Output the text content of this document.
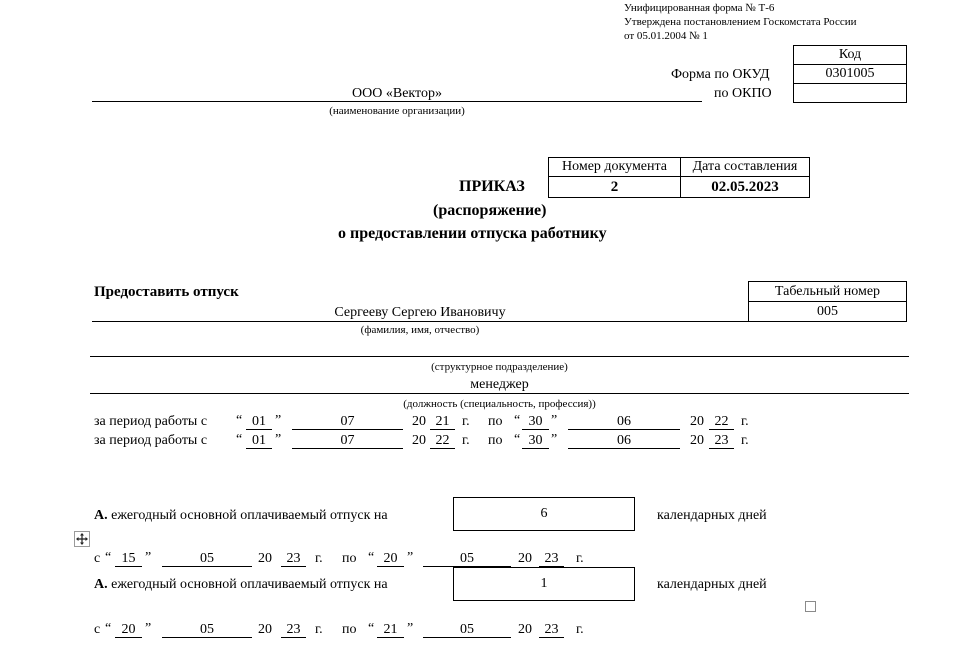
Унифицированная форма № Т-6
Утверждена постановлением Госкомстата России
от 05.01.2004 № 1
Код
Форма по ОКУД	0301005
по ОКПО
ООО «Вектор»
(наименование организации)
Номер документа	Дата составления
2	02.05.2023
ПРИКАЗ
(распоряжение)
о предоставлении отпуска работнику
Предоставить отпуск	Табельный номер
005
Сергееву Сергею Ивановичу
(фамилия, имя, отчество)
(структурное подразделение)
менеджер
(должность (специальность, профессия))
за период работы с “ 01 ”	07	20 21 г. по “ 30 ”	06	20 22 г.
за период работы с “ 01 ”	07	20 22 г. по “ 30 ”	06	20 23 г.
А. ежегодный основной оплачиваемый отпуск на	6	календарных дней
с “ 15 ”	05	20	23	г. по “ 20 ”	05	20 23	г.
А. ежегодный основной оплачиваемый отпуск на	1	календарных дней
с “ 20 ”	05	20	23	г. по “ 21 ”	05	20 23	г.
